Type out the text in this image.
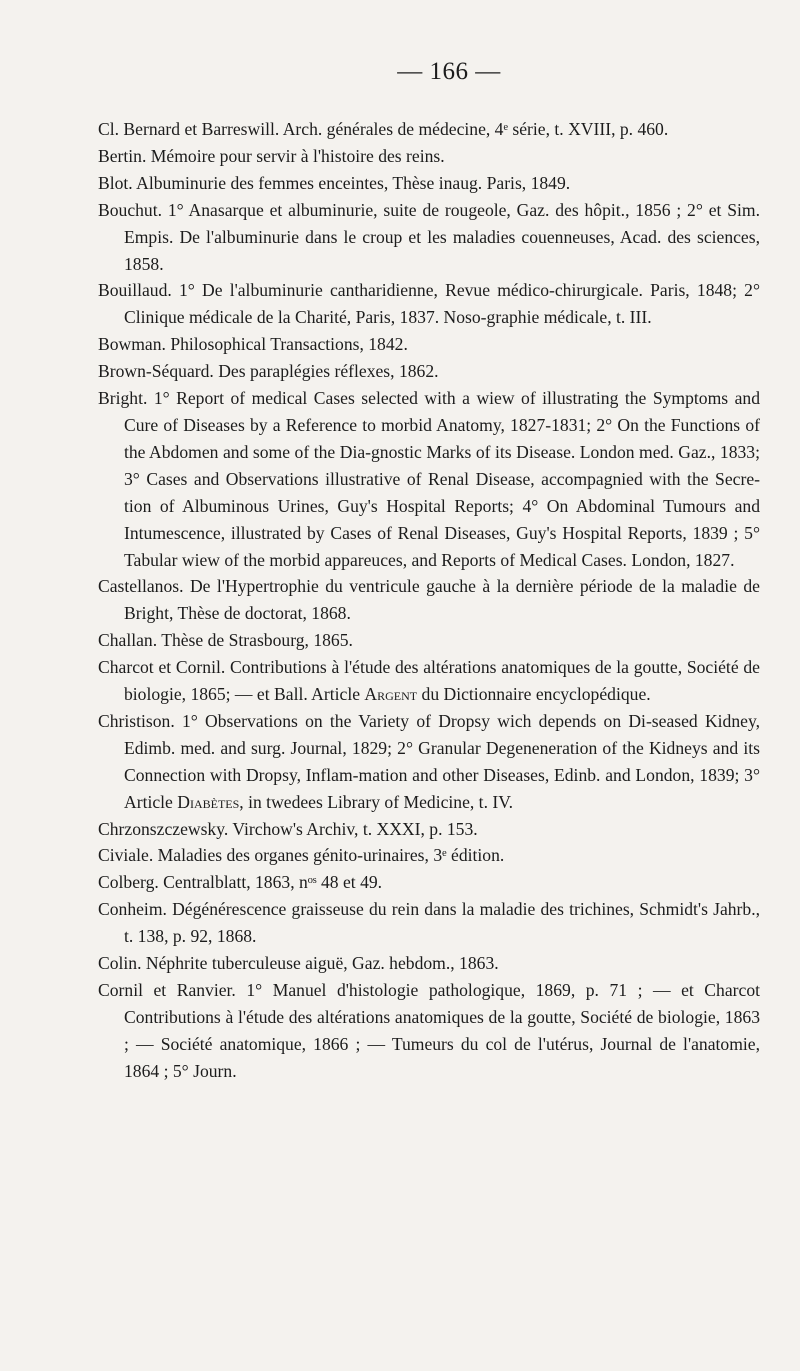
— 166 —
Cl. Bernard et Barreswill. Arch. générales de médecine, 4ᵉ série, t. XVIII, p. 460.
Bertin. Mémoire pour servir à l'histoire des reins.
Blot. Albuminurie des femmes enceintes, Thèse inaug. Paris, 1849.
Bouchut. 1° Anasarque et albuminurie, suite de rougeole, Gaz. des hôpit., 1856 ; 2° et Sim. Empis. De l'albuminurie dans le croup et les maladies couenneuses, Acad. des sciences, 1858.
Bouillaud. 1° De l'albuminurie cantharidienne, Revue médico-chirurgicale. Paris, 1848; 2° Clinique médicale de la Charité, Paris, 1837. Noso-graphie médicale, t. III.
Bowman. Philosophical Transactions, 1842.
Brown-Séquard. Des paraplégies réflexes, 1862.
Bright. 1° Report of medical Cases selected with a wiew of illustrating the Symptoms and Cure of Diseases by a Reference to morbid Anatomy, 1827-1831; 2° On the Functions of the Abdomen and some of the Dia-gnostic Marks of its Disease. London med. Gaz., 1833; 3° Cases and Observations illustrative of Renal Disease, accompagnied with the Secre-tion of Albuminous Urines, Guy's Hospital Reports; 4° On Abdominal Tumours and Intumescence, illustrated by Cases of Renal Diseases, Guy's Hospital Reports, 1839 ; 5° Tabular wiew of the morbid appareuces, and Reports of Medical Cases. London, 1827.
Castellanos. De l'Hypertrophie du ventricule gauche à la dernière période de la maladie de Bright, Thèse de doctorat, 1868.
Challan. Thèse de Strasbourg, 1865.
Charcot et Cornil. Contributions à l'étude des altérations anatomiques de la goutte, Société de biologie, 1865; — et Ball. Article Argent du Dictionnaire encyclopédique.
Christison. 1° Observations on the Variety of Dropsy wich depends on Di-seased Kidney, Edimb. med. and surg. Journal, 1829; 2° Granular Degeneneration of the Kidneys and its Connection with Dropsy, Inflam-mation and other Diseases, Edinb. and London, 1839; 3° Article Diabètes, in twedees Library of Medicine, t. IV.
Chrzonszczewsky. Virchow's Archiv, t. XXXI, p. 153.
Civiale. Maladies des organes génito-urinaires, 3ᵉ édition.
Colberg. Centralblatt, 1863, nᵒˢ 48 et 49.
Conheim. Dégénérescence graisseuse du rein dans la maladie des trichines, Schmidt's Jahrb., t. 138, p. 92, 1868.
Colin. Néphrite tuberculeuse aiguë, Gaz. hebdom., 1863.
Cornil et Ranvier. 1° Manuel d'histologie pathologique, 1869, p. 71 ; — et Charcot Contributions à l'étude des altérations anatomiques de la goutte, Société de biologie, 1863 ; — Société anatomique, 1866 ; — Tumeurs du col de l'utérus, Journal de l'anatomie, 1864 ; 5° Journ.
